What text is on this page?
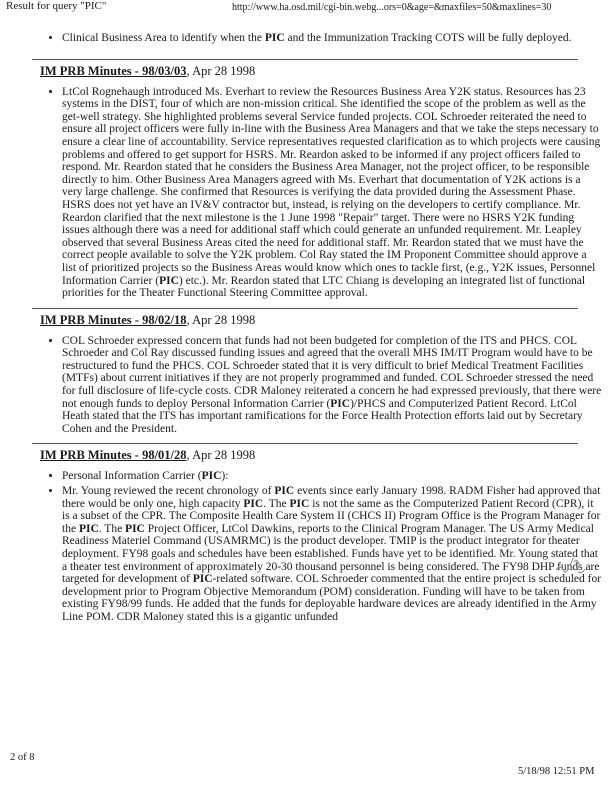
Result for query "PIC"	http://www.ha.osd.mil/cgi-bin.webg...ors=0&age=&maxfiles=50&maxlines=30
• Clinical Business Area to identify when the PIC and the Immunization Tracking COTS will be fully deployed.
IM PRB Minutes - 98/03/03, Apr 28 1998
• LtCol Rognehaugh introduced Ms. Everhart to review the Resources Business Area Y2K status. Resources has 23 systems in the DIST, four of which are non-mission critical. She identified the scope of the problem as well as the get-well strategy. She highlighted problems several Service funded projects. COL Schroeder reiterated the need to ensure all project officers were fully in-line with the Business Area Managers and that we take the steps necessary to ensure a clear line of accountability. Service representatives requested clarification as to which projects were causing problems and offered to get support for HSRS. Mr. Reardon asked to be informed if any project officers failed to respond. Mr. Reardon stated that he considers the Business Area Manager, not the project officer, to be responsible directly to him. Other Business Area Managers agreed with Ms. Everhart that documentation of Y2K actions is a very large challenge. She confirmed that Resources is verifying the data provided during the Assessment Phase. HSRS does not yet have an IV&V contractor but, instead, is relying on the developers to certify compliance. Mr. Reardon clarified that the next milestone is the 1 June 1998 "Repair" target. There were no HSRS Y2K funding issues although there was a need for additional staff which could generate an unfunded requirement. Mr. Leapley observed that several Business Areas cited the need for additional staff. Mr. Reardon stated that we must have the correct people available to solve the Y2K problem. Col Ray stated the IM Proponent Committee should approve a list of prioritized projects so the Business Areas would know which ones to tackle first, (e.g., Y2K issues, Personnel Information Carrier (PIC) etc.). Mr. Reardon stated that LTC Chiang is developing an integrated list of functional priorities for the Theater Functional Steering Committee approval.
IM PRB Minutes - 98/02/18, Apr 28 1998
• COL Schroeder expressed concern that funds had not been budgeted for completion of the ITS and PHCS. COL Schroeder and Col Ray discussed funding issues and agreed that the overall MHS IM/IT Program would have to be restructured to fund the PHCS. COL Schroeder stated that it is very difficult to brief Medical Treatment Facilities (MTFs) about current initiatives if they are not properly programmed and funded. COL Schroeder stressed the need for full disclosure of life-cycle costs. CDR Maloney reiterated a concern he had expressed previously, that there were not enough funds to deploy Personal Information Carrier (PIC)/PHCS and Computerized Patient Record. LtCol Heath stated that the ITS has important ramifications for the Force Health Protection efforts laid out by Secretary Cohen and the President.
IM PRB Minutes - 98/01/28, Apr 28 1998
• Personal Information Carrier (PIC):
• Mr. Young reviewed the recent chronology of PIC events since early January 1998. RADM Fisher had approved that there would be only one, high capacity PIC. The PIC is not the same as the Computerized Patient Record (CPR), it is a subset of the CPR. The Composite Health Care System II (CHCS II) Program Office is the Program Manager for the PIC. The PIC Project Officer, LtCol Dawkins, reports to the Clinical Program Manager. The US Army Medical Readiness Materiel Command (USAMRMC) is the product developer. TMIP is the product integrator for theater deployment. FY98 goals and schedules have been established. Funds have yet to be identified. Mr. Young stated that a theater test environment of approximately 20-30 thousand personnel is being considered. The FY98 DHP funds are targeted for development of PIC-related software. COL Schroeder commented that the entire project is scheduled for development prior to Program Objective Memorandum (POM) consideration. Funding will have to be taken from existing FY98/99 funds. He added that the funds for deployable hardware devices are already identified in the Army Line POM. CDR Maloney stated this is a gigantic unfunded
2 of 8
5/18/98 12:51 PM
